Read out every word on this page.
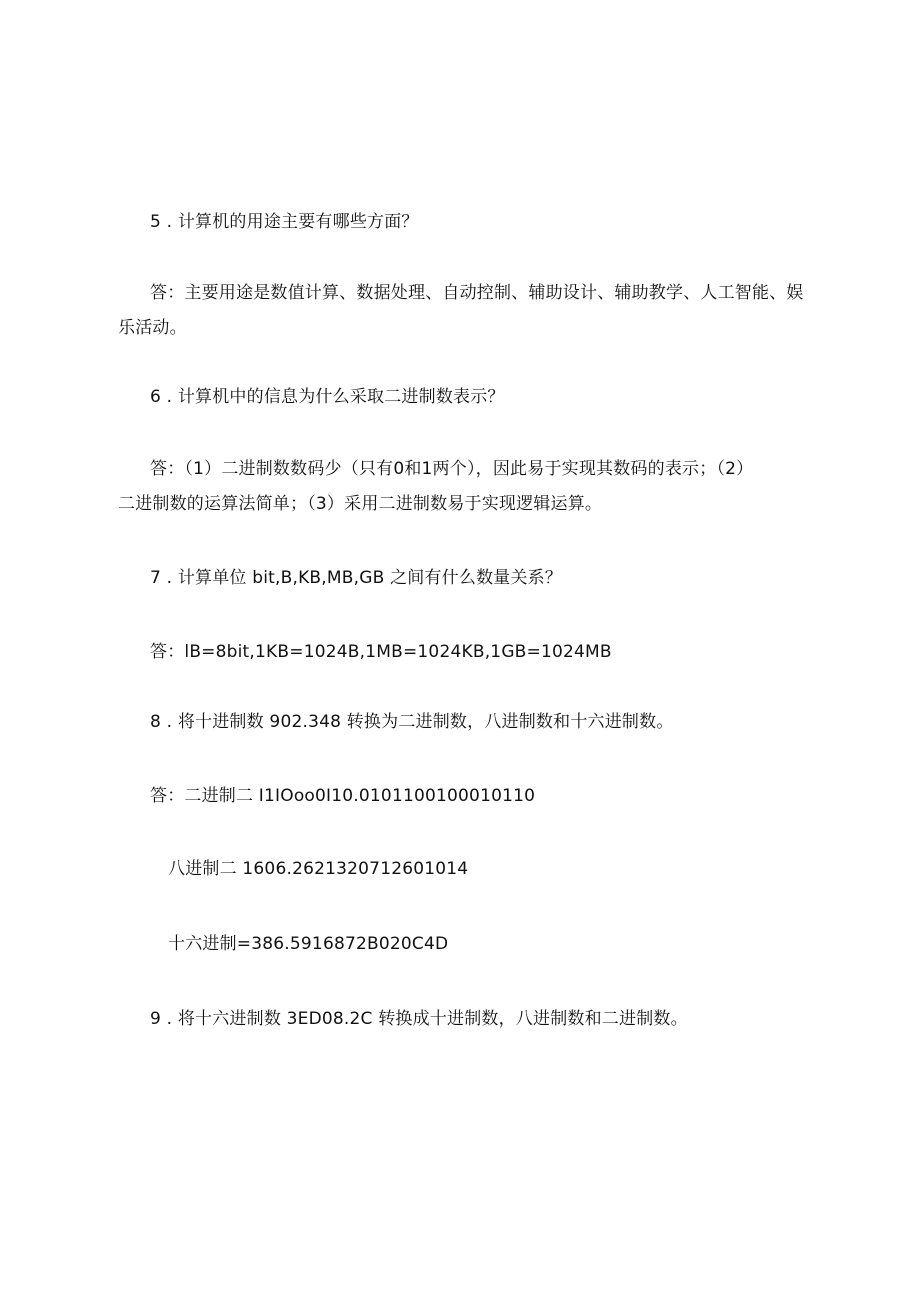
5 . 计算机的用途主要有哪些方面？
答：主要用途是数值计算、数据处理、自动控制、辅助设计、辅助教学、人工智能、娱
乐活动。
6 . 计算机中的信息为什么采取二进制数表示？
答：（1）二进制数数码少（只有0和1两个），因此易于实现其数码的表示；（2）
二进制数的运算法简单；（3）采用二进制数易于实现逻辑运算。
7 . 计算单位 bit,B,KB,MB,GB 之间有什么数量关系？
答：lB=8bit,1KB=1024B,1MB=1024KB,1GB=1024MB
8 . 将十进制数 902.348 转换为二进制数，八进制数和十六进制数。
答：二进制二 I1IOoo0I10.0101100100010110
八进制二 1606.2621320712601014
十六进制=386.5916872B020C4D
9 . 将十六进制数 3ED08.2C 转换成十进制数，八进制数和二进制数。
